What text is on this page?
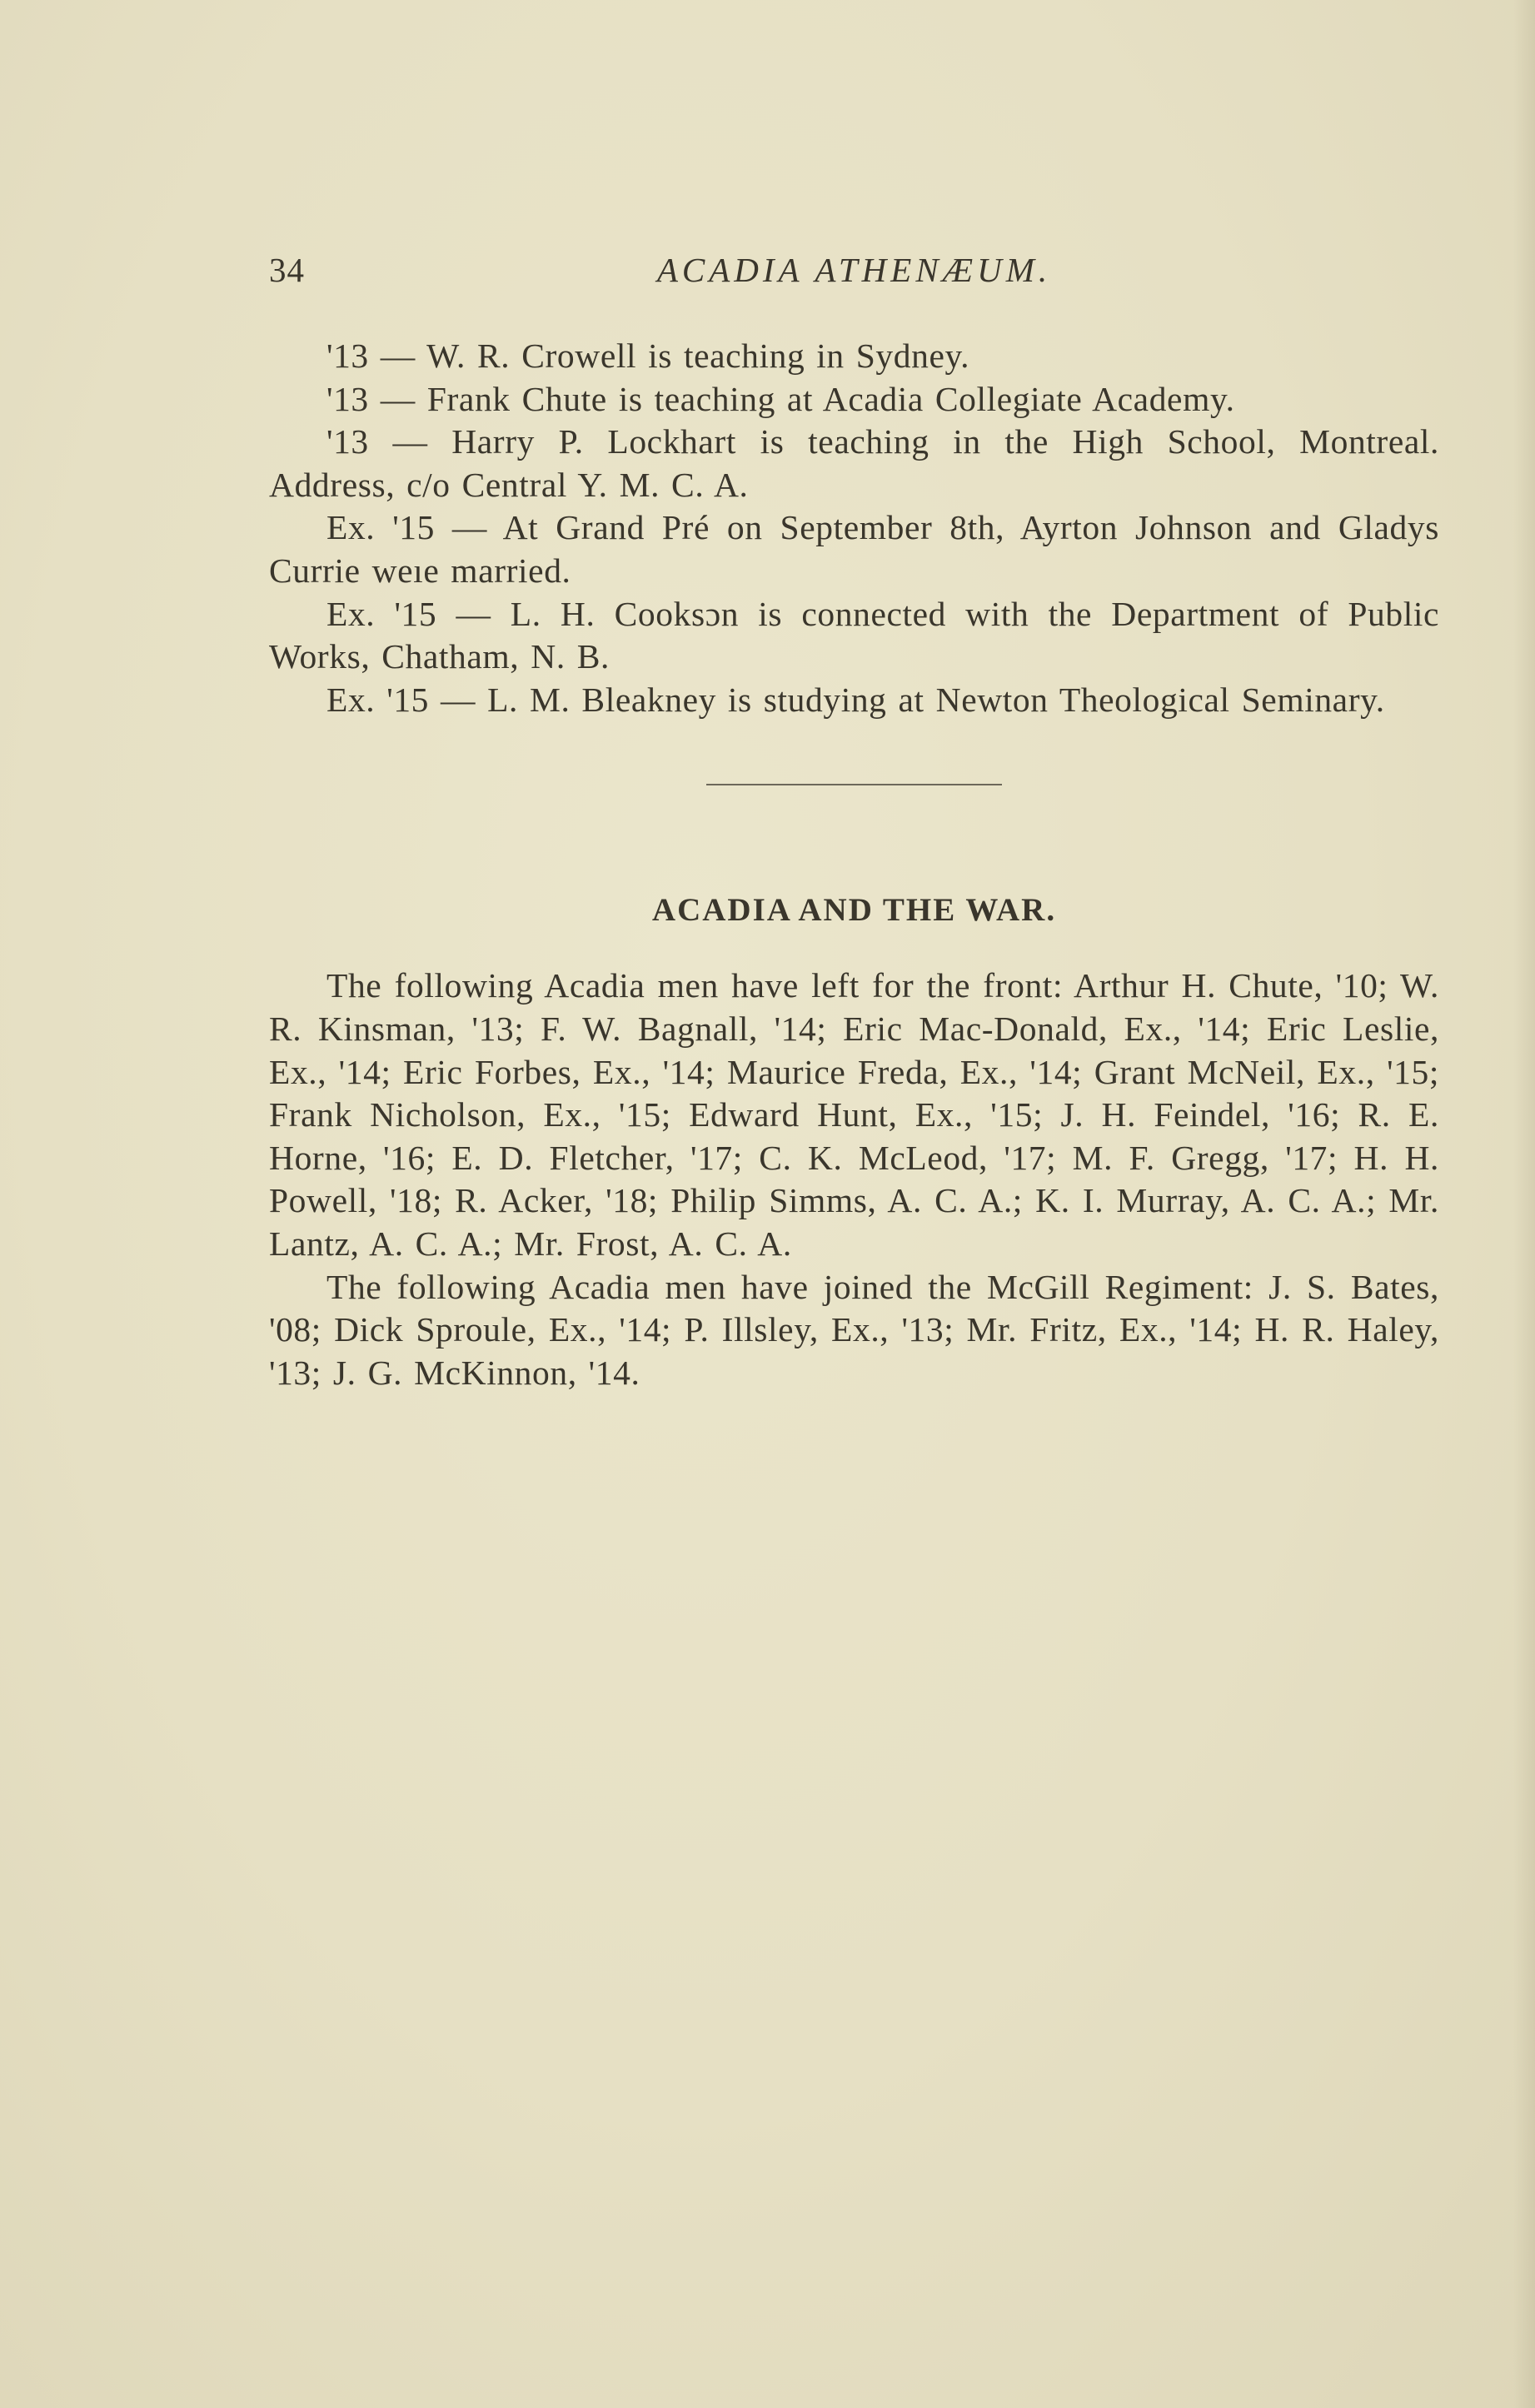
34	ACADIA ATHENÆUM.

'13 — W. R. Crowell is teaching in Sydney.

'13 — Frank Chute is teaching at Acadia Collegiate Academy.

'13 — Harry P. Lockhart is teaching in the High School, Montreal. Address, c/o Central Y. M. C. A.

Ex. '15 — At Grand Pré on September 8th, Ayrton Johnson and Gladys Currie weıe married.

Ex. '15 — L. H. Cooksɔn is connected with the Department of Public Works, Chatham, N. B.

Ex. '15 — L. M. Bleakney is studying at Newton Theological Seminary.

ACADIA AND THE WAR.

The following Acadia men have left for the front: Arthur H. Chute, '10; W. R. Kinsman, '13; F. W. Bagnall, '14; Eric Mac-Donald, Ex., '14; Eric Leslie, Ex., '14; Eric Forbes, Ex., '14; Maurice Freda, Ex., '14; Grant McNeil, Ex., '15; Frank Nicholson, Ex., '15; Edward Hunt, Ex., '15; J. H. Feindel, '16; R. E. Horne, '16; E. D. Fletcher, '17; C. K. McLeod, '17; M. F. Gregg, '17; H. H. Powell, '18; R. Acker, '18; Philip Simms, A. C. A.; K. I. Murray, A. C. A.; Mr. Lantz, A. C. A.; Mr. Frost, A. C. A.

The following Acadia men have joined the McGill Regiment: J. S. Bates, '08; Dick Sproule, Ex., '14; P. Illsley, Ex., '13; Mr. Fritz, Ex., '14; H. R. Haley, '13; J. G. McKinnon, '14.
